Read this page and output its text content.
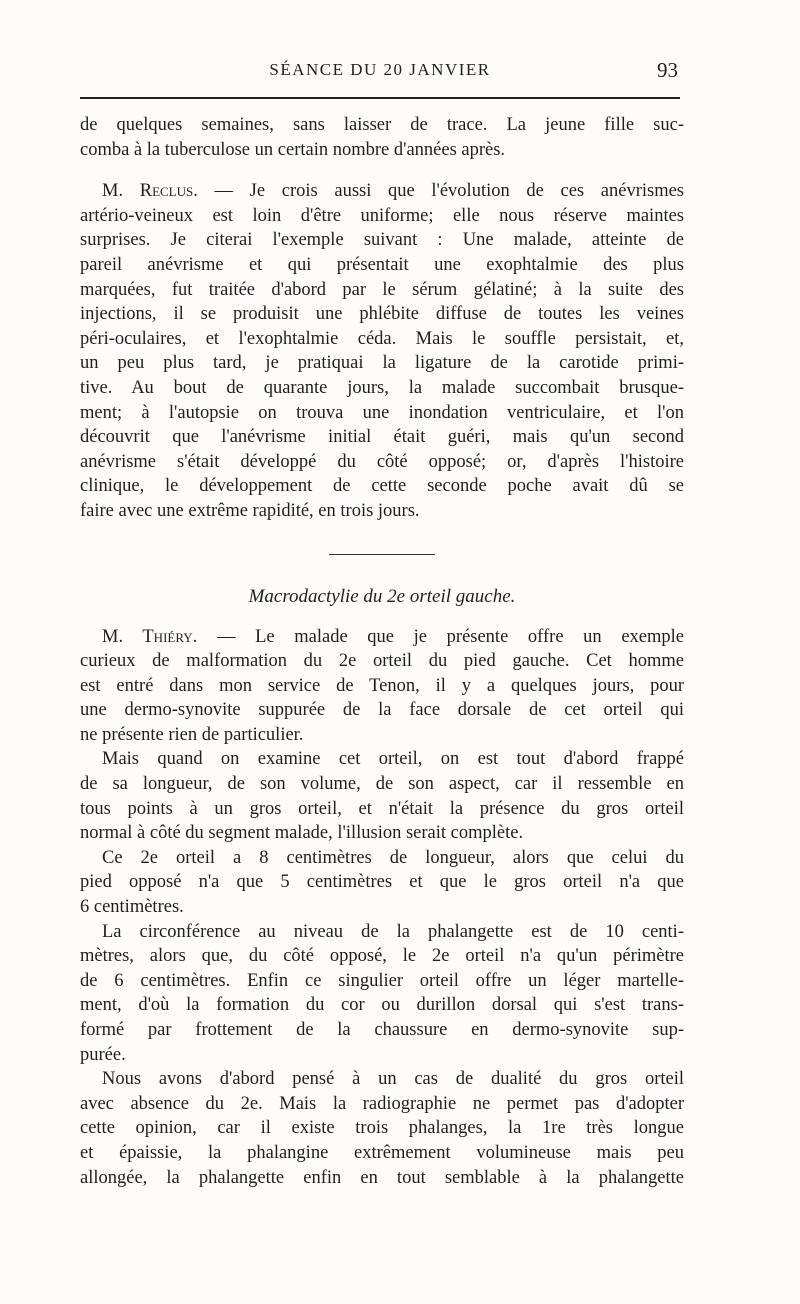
SÉANCE DU 20 JANVIER	93
de quelques semaines, sans laisser de trace. La jeune fille suc-
comba à la tuberculose un certain nombre d'années après.
M. Reclus. — Je crois aussi que l'évolution de ces anévrismes
artério-veineux est loin d'être uniforme; elle nous réserve maintes
surprises. Je citerai l'exemple suivant : Une malade, atteinte de
pareil anévrisme et qui présentait une exophtalmie des plus
marquées, fut traitée d'abord par le sérum gélatiné; à la suite des
injections, il se produisit une phlébite diffuse de toutes les veines
péri-oculaires, et l'exophtalmie céda. Mais le souffle persistait, et,
un peu plus tard, je pratiquai la ligature de la carotide primi-
tive. Au bout de quarante jours, la malade succombait brusque-
ment; à l'autopsie on trouva une inondation ventriculaire, et l'on
découvrit que l'anévrisme initial était guéri, mais qu'un second
anévrisme s'était développé du côté opposé; or, d'après l'histoire
clinique, le développement de cette seconde poche avait dû se
faire avec une extrême rapidité, en trois jours.
Macrodactylie du 2e orteil gauche.
M. Thiéry. — Le malade que je présente offre un exemple
curieux de malformation du 2e orteil du pied gauche. Cet homme
est entré dans mon service de Tenon, il y a quelques jours, pour
une dermo-synovite suppurée de la face dorsale de cet orteil qui
ne présente rien de particulier.
Mais quand on examine cet orteil, on est tout d'abord frappé
de sa longueur, de son volume, de son aspect, car il ressemble en
tous points à un gros orteil, et n'était la présence du gros orteil
normal à côté du segment malade, l'illusion serait complète.
Ce 2e orteil a 8 centimètres de longueur, alors que celui du
pied opposé n'a que 5 centimètres et que le gros orteil n'a que
6 centimètres.
La circonférence au niveau de la phalangette est de 10 centi-
mètres, alors que, du côté opposé, le 2e orteil n'a qu'un périmètre
de 6 centimètres. Enfin ce singulier orteil offre un léger martelle-
ment, d'où la formation du cor ou durillon dorsal qui s'est trans-
formé par frottement de la chaussure en dermo-synovite sup-
purée.
Nous avons d'abord pensé à un cas de dualité du gros orteil
avec absence du 2e. Mais la radiographie ne permet pas d'adopter
cette opinion, car il existe trois phalanges, la 1re très longue
et épaissie, la phalangine extrêmement volumineuse mais peu
allongée, la phalangette enfin en tout semblable à la phalangette
